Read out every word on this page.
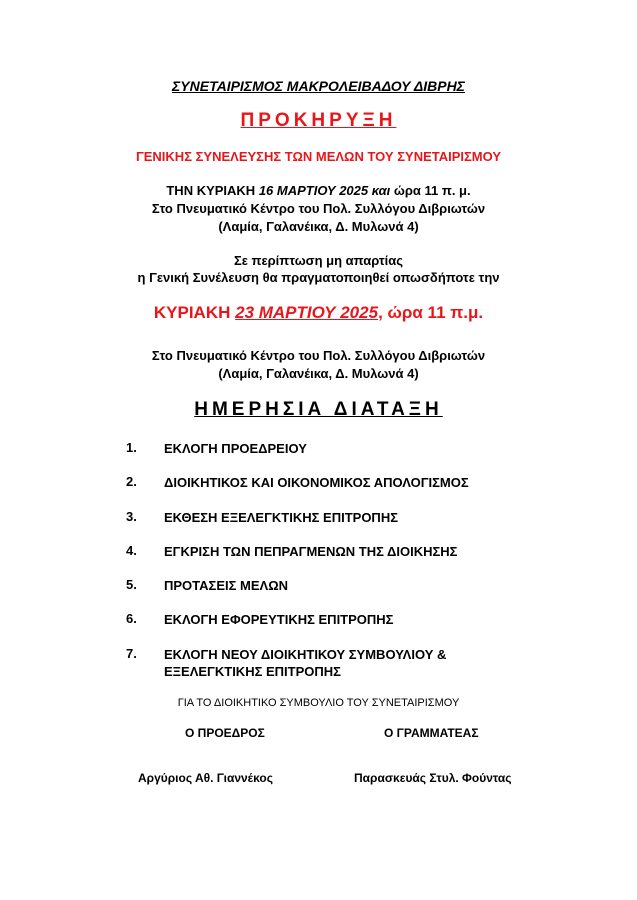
ΣΥΝΕΤΑΙΡΙΣΜΟΣ ΜΑΚΡΟΛΕΙΒΑΔΟΥ ΔΙΒΡΗΣ
ΠΡΟΚΗΡΥΞΗ
ΓΕΝΙΚΗΣ ΣΥΝΕΛΕΥΣΗΣ ΤΩΝ ΜΕΛΩΝ ΤΟΥ ΣΥΝΕΤΑΙΡΙΣΜΟΥ
ΤΗΝ ΚΥΡΙΑΚΗ 16 ΜΑΡΤΙΟΥ 2025 και ώρα 11 π. μ.
Στο Πνευματικό Κέντρο του Πολ. Συλλόγου Διβριωτών
(Λαμία, Γαλανέικα, Δ. Μυλωνά 4)
Σε περίπτωση μη απαρτίας
η Γενική Συνέλευση θα πραγματοποιηθεί οπωσδήποτε την
ΚΥΡΙΑΚΗ 23 ΜΑΡΤΙΟΥ 2025, ώρα 11 π.μ.
Στο Πνευματικό Κέντρο του Πολ. Συλλόγου Διβριωτών
(Λαμία, Γαλανέικα, Δ. Μυλωνά 4)
ΗΜΕΡΗΣΙΑ ΔΙΑΤΑΞΗ
1. ΕΚΛΟΓΗ ΠΡΟΕΔΡΕΙΟΥ
2. ΔΙΟΙΚΗΤΙΚΟΣ ΚΑΙ ΟΙΚΟΝΟΜΙΚΟΣ ΑΠΟΛΟΓΙΣΜΟΣ
3. ΕΚΘΕΣΗ ΕΞΕΛΕΓΚΤΙΚΗΣ ΕΠΙΤΡΟΠΗΣ
4. ΕΓΚΡΙΣΗ ΤΩΝ ΠΕΠΡΑΓΜΕΝΩΝ ΤΗΣ ΔΙΟΙΚΗΣΗΣ
5. ΠΡΟΤΑΣΕΙΣ ΜΕΛΩΝ
6. ΕΚΛΟΓΗ ΕΦΟΡΕΥΤΙΚΗΣ ΕΠΙΤΡΟΠΗΣ
7. ΕΚΛΟΓΗ ΝΕΟΥ ΔΙΟΙΚΗΤΙΚΟΥ ΣΥΜΒΟΥΛΙΟΥ &
ΕΞΕΛΕΓΚΤΙΚΗΣ ΕΠΙΤΡΟΠΗΣ
ΓΙΑ ΤΟ ΔΙΟΙΚΗΤΙΚΟ ΣΥΜΒΟΥΛΙΟ ΤΟΥ ΣΥΝΕΤΑΙΡΙΣΜΟΥ
Ο ΠΡΟΕΔΡΟΣ	Ο ΓΡΑΜΜΑΤΕΑΣ
Αργύριος Αθ. Γιαννέκος	Παρασκευάς Στυλ. Φούντας
